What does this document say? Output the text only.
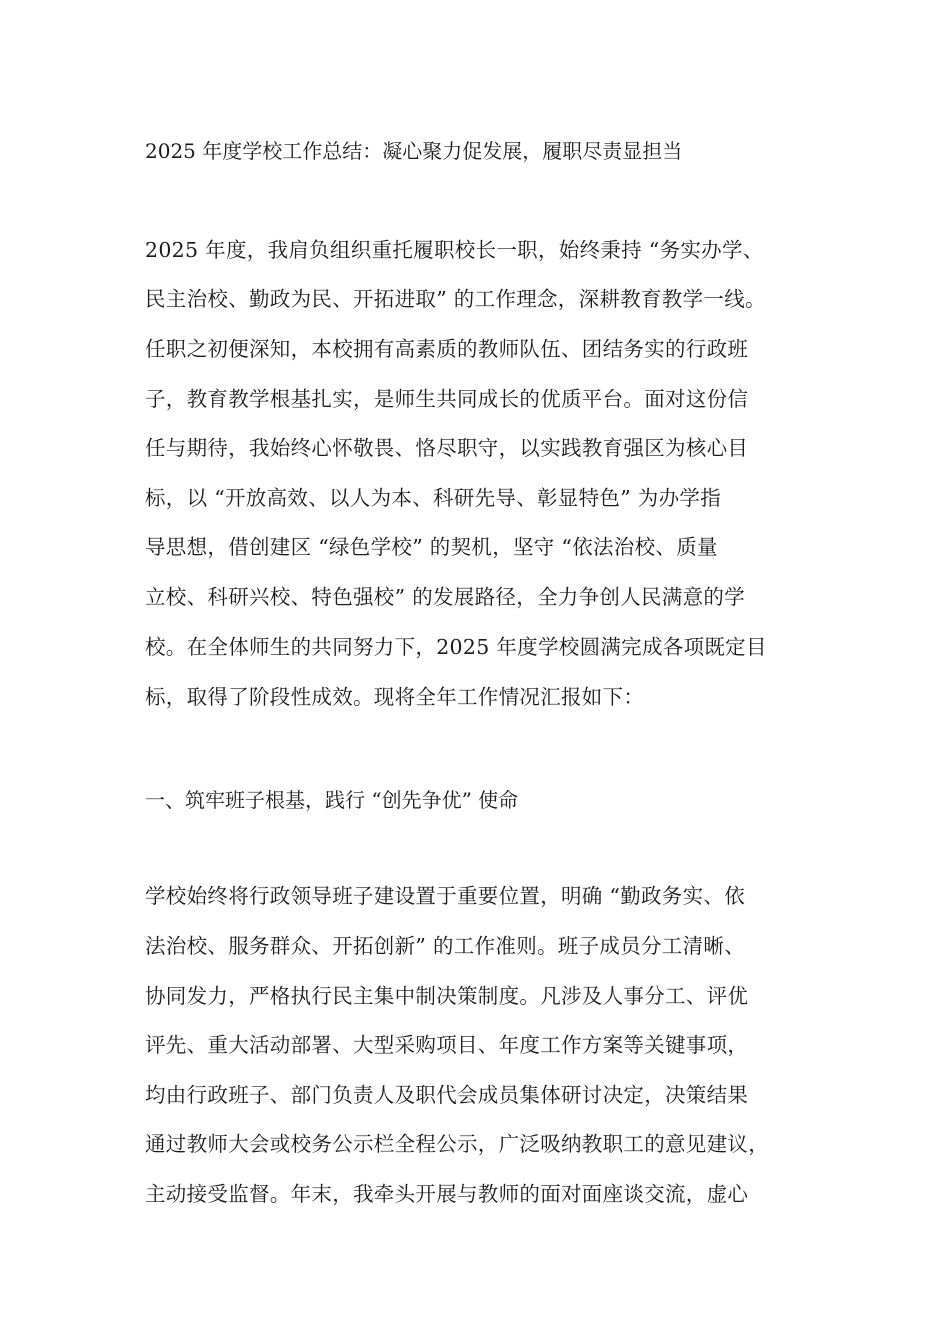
2025 年度学校工作总结：凝心聚力促发展，履职尽责显担当
2025 年度，我肩负组织重托履职校长一职，始终秉持 “务实办学、
民主治校、勤政为民、开拓进取” 的工作理念，深耕教育教学一线。
任职之初便深知，本校拥有高素质的教师队伍、团结务实的行政班
子，教育教学根基扎实，是师生共同成长的优质平台。面对这份信
任与期待，我始终心怀敬畏、恪尽职守，以实践教育强区为核心目
标，以 “开放高效、以人为本、科研先导、彰显特色” 为办学指
导思想，借创建区 “绿色学校” 的契机，坚守 “依法治校、质量
立校、科研兴校、特色强校” 的发展路径，全力争创人民满意的学
校。在全体师生的共同努力下，2025 年度学校圆满完成各项既定目
标，取得了阶段性成效。现将全年工作情况汇报如下：
一、筑牢班子根基，践行 “创先争优” 使命
学校始终将行政领导班子建设置于重要位置，明确 “勤政务实、依
法治校、服务群众、开拓创新” 的工作准则。班子成员分工清晰、
协同发力，严格执行民主集中制决策制度。凡涉及人事分工、评优
评先、重大活动部署、大型采购项目、年度工作方案等关键事项，
均由行政班子、部门负责人及职代会成员集体研讨决定，决策结果
通过教师大会或校务公示栏全程公示，广泛吸纳教职工的意见建议，
主动接受监督。年末，我牵头开展与教师的面对面座谈交流，虚心
